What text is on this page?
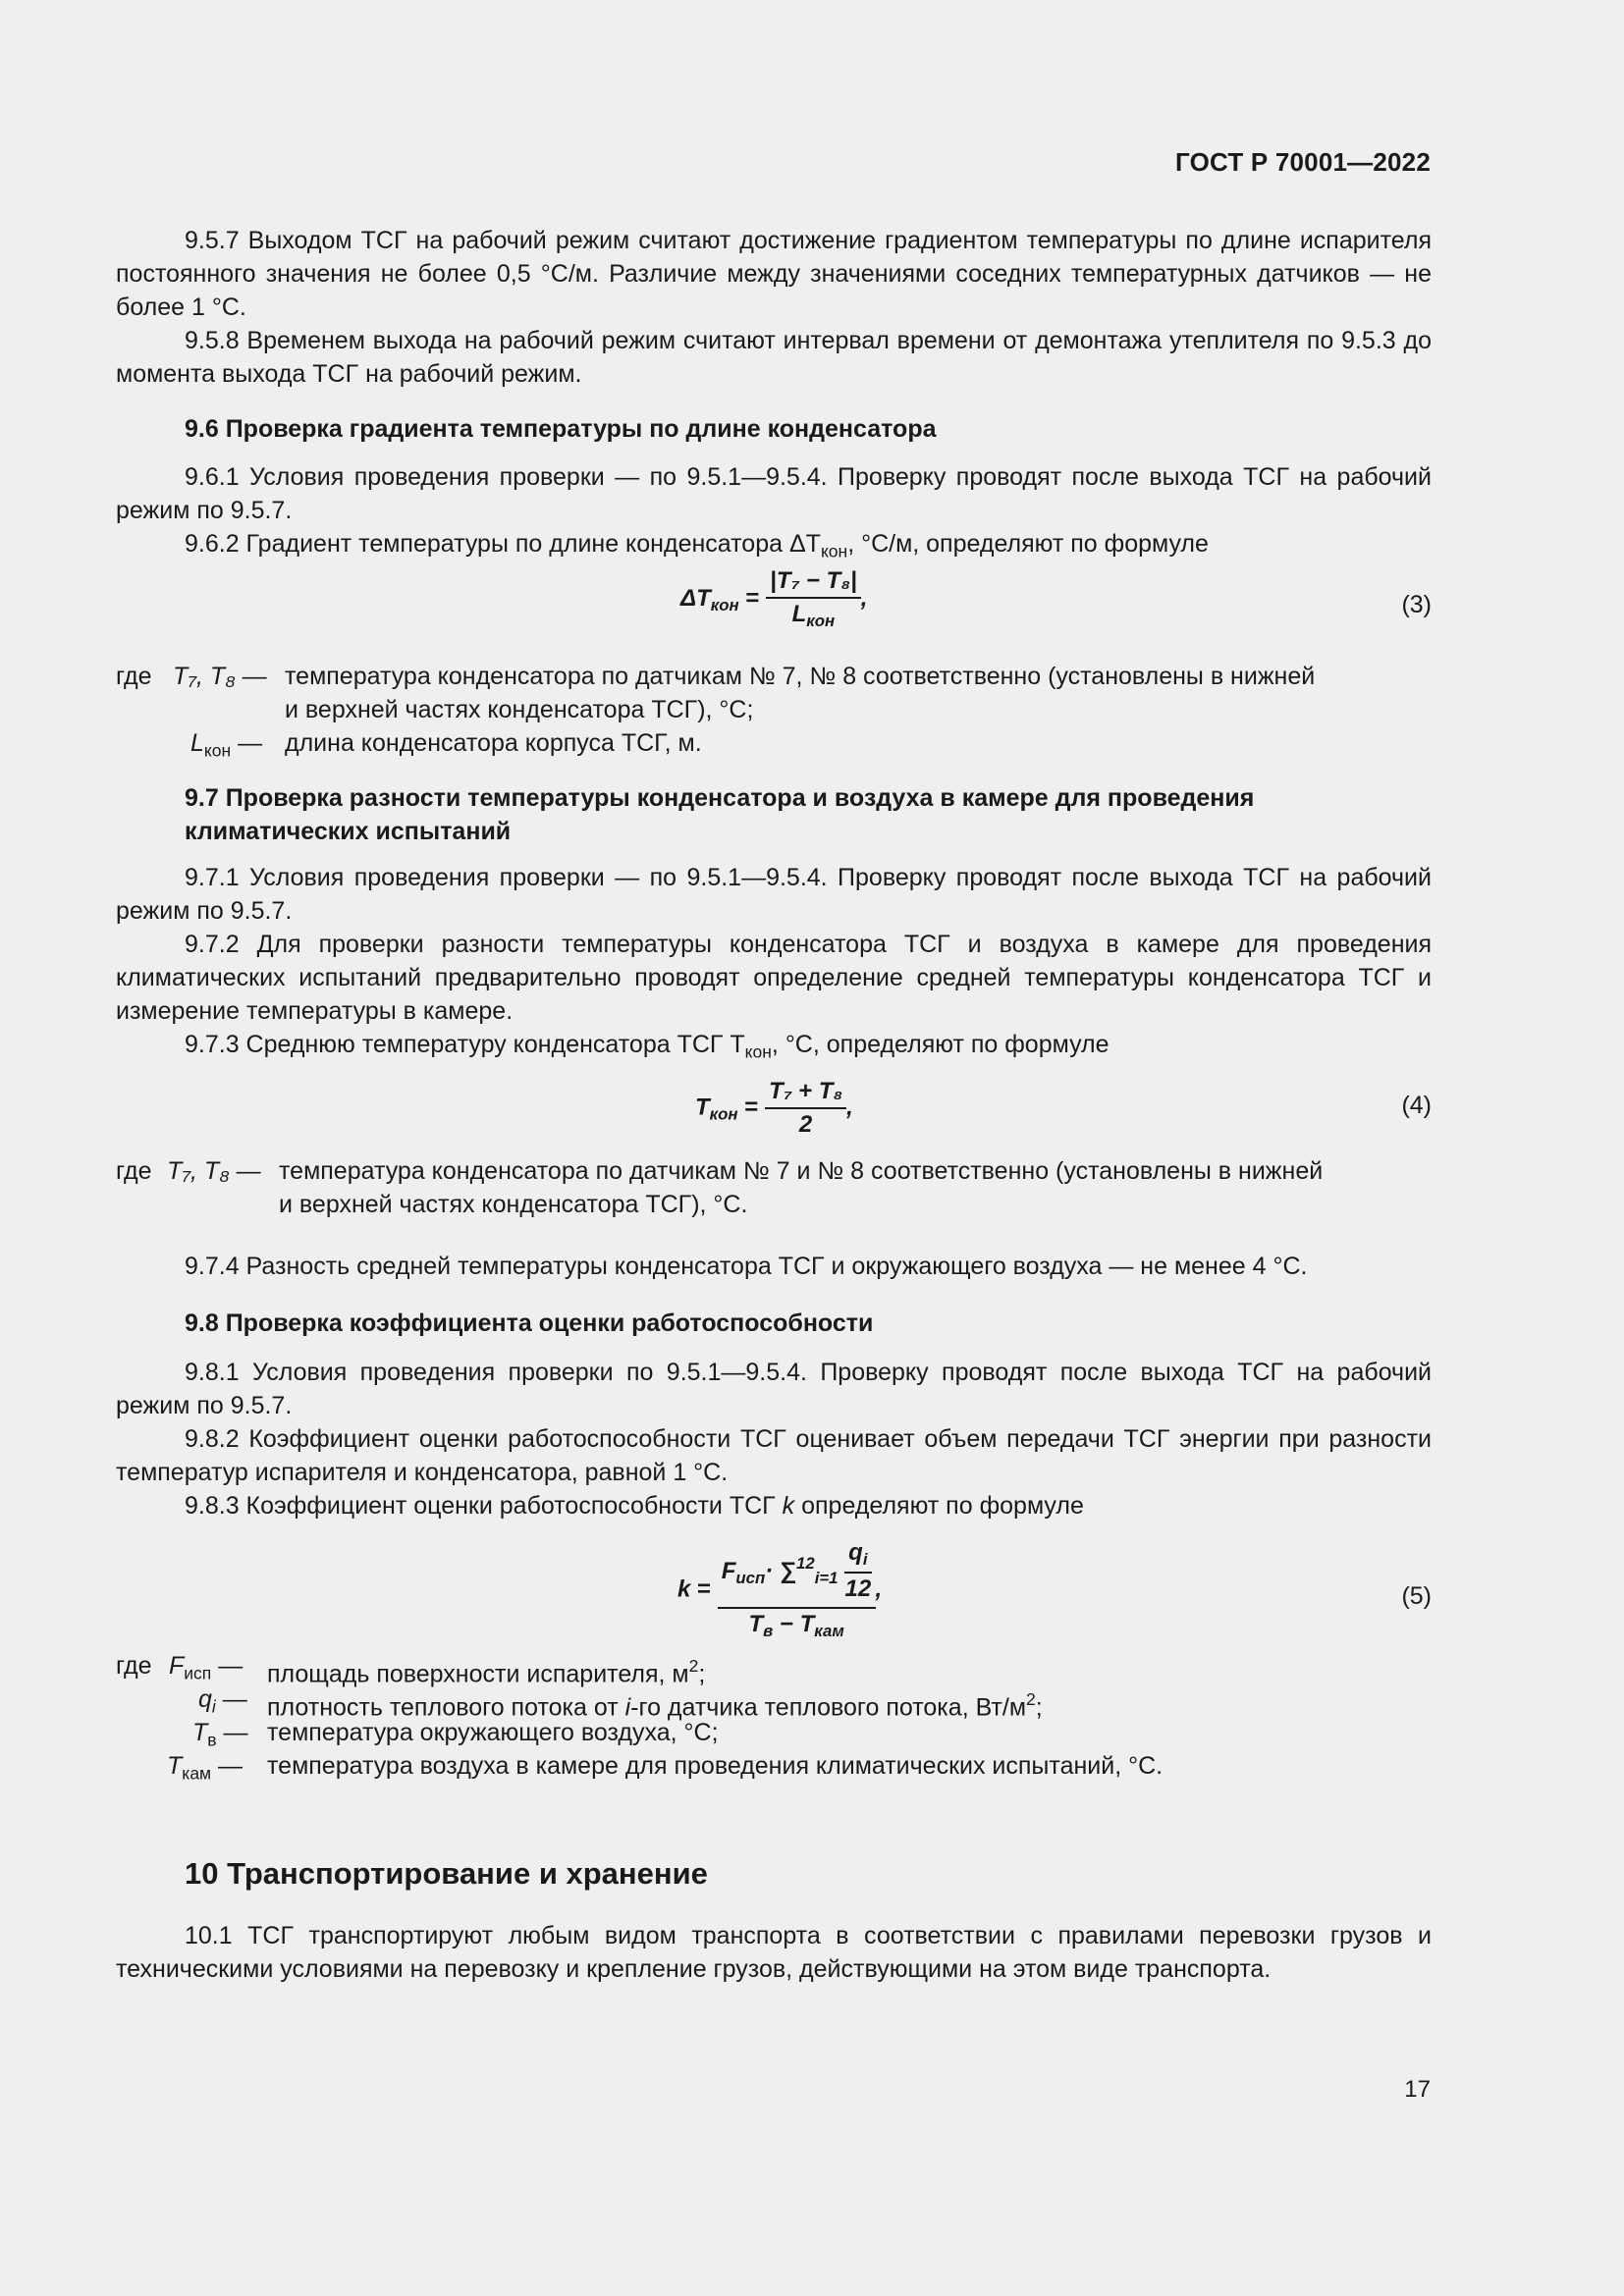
ГОСТ Р 70001—2022

9.5.7 Выходом ТСГ на рабочий режим считают достижение градиентом температуры по длине испарителя постоянного значения не более 0,5 °С/м. Различие между значениями соседних температурных датчиков — не более 1 °С.

9.5.8 Временем выхода на рабочий режим считают интервал времени от демонтажа утеплителя по 9.5.3 до момента выхода ТСГ на рабочий режим.

9.6 Проверка градиента температуры по длине конденсатора

9.6.1 Условия проведения проверки — по 9.5.1—9.5.4. Проверку проводят после выхода ТСГ на рабочий режим по 9.5.7.

9.6.2 Градиент температуры по длине конденсатора $\Delta T_{кон}$, °С/м, определяют по формуле

$\Delta T_{кон} = \frac{\text{|T₇ − T₈|}}{L_{кон}}$ ,	(3)
где T₇, T₈ — температура конденсатора по датчикам № 7, № 8 соответственно (установлены в нижней
и верхней частях конденсатора ТСГ), °С;
$L_{кон}$ — длина конденсатора корпуса ТСГ, м.

9.7 Проверка разности температуры конденсатора и воздуха в камере для проведения

климатических испытаний

9.7.1 Условия проведения проверки — по 9.5.1—9.5.4. Проверку проводят после выхода ТСГ на рабочий режим по 9.5.7.

9.7.2 Для проверки разности температуры конденсатора ТСГ и воздуха в камере для проведения климатических испытаний предварительно проводят определение средней температуры конденсатора ТСГ и измерение температуры в камере.

9.7.3 Среднюю температуру конденсатора ТСГ $T_{кон}$, °С, определяют по формуле

$T_{кон} = \frac{\text{T₇ + T₈}}{2}$ ,	(4)
где T₇, T₈ — температура конденсатора по датчикам № 7 и № 8 соответственно (установлены в нижней
и верхней частях конденсатора ТСГ), °С.

9.7.4 Разность средней температуры конденсатора ТСГ и окружающего воздуха — не менее 4 °С.

9.8 Проверка коэффициента оценки работоспособности

9.8.1 Условия проведения проверки по 9.5.1—9.5.4. Проверку проводят после выхода ТСГ на рабочий режим по 9.5.7.

9.8.2 Коэффициент оценки работоспособности ТСГ оценивает объем передачи ТСГ энергии при разности температур испарителя и конденсатора, равной 1 °С.

9.8.3 Коэффициент оценки работоспособности ТСГ k определяют по формуле

$k = \frac{F_{исп}\cdot \sum^{12}_{i=1} \frac{q_i}{12}}{T_в - T_{кам}}$ ,	(5)
где $F_{исп}$ — площадь поверхности испарителя, $м^2$;
$q_i$ — плотность теплового потока от i-го датчика теплового потока, $Вт/м^2$;
$T_в$ — температура окружающего воздуха, °С;
$T_{кам}$ — температура воздуха в камере для проведения климатических испытаний, °С.
10 Транспортирование и хранение

10.1 ТСГ транспортируют любым видом транспорта в соответствии с правилами перевозки грузов и техническими условиями на перевозку и крепление грузов, действующими на этом виде транспорта.

17
